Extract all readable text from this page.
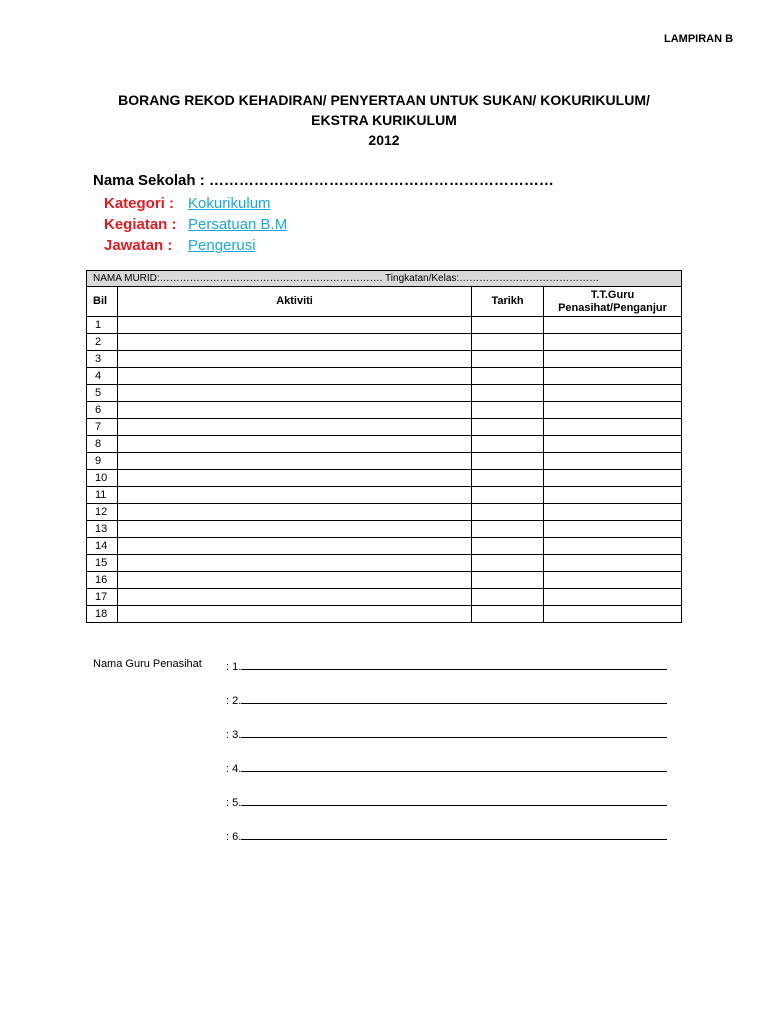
LAMPIRAN B
BORANG REKOD KEHADIRAN/ PENYERTAAN UNTUK SUKAN/ KOKURIKULUM/
EKSTRA KURIKULUM
2012
Nama Sekolah : ……………………………………………………………
Kategori : Kokurikulum
Kegiatan : Persatuan B.M
Jawatan :	Pengerusi
NAMA MURID:…………………………………………………………. Tingkatan/Kelas:……………………………………			
Bil	Aktiviti	Tarikh	T.T.Guru
Penasihat/Penganjur

1			
2			
3			
4			
5			
6			
7			
8			
9			
10			
11			
12			
13			
14			
15			
16			
17			
18			
Nama Guru Penasihat	: 1.
: 2.
: 3.
: 4.
: 5.
: 6.
